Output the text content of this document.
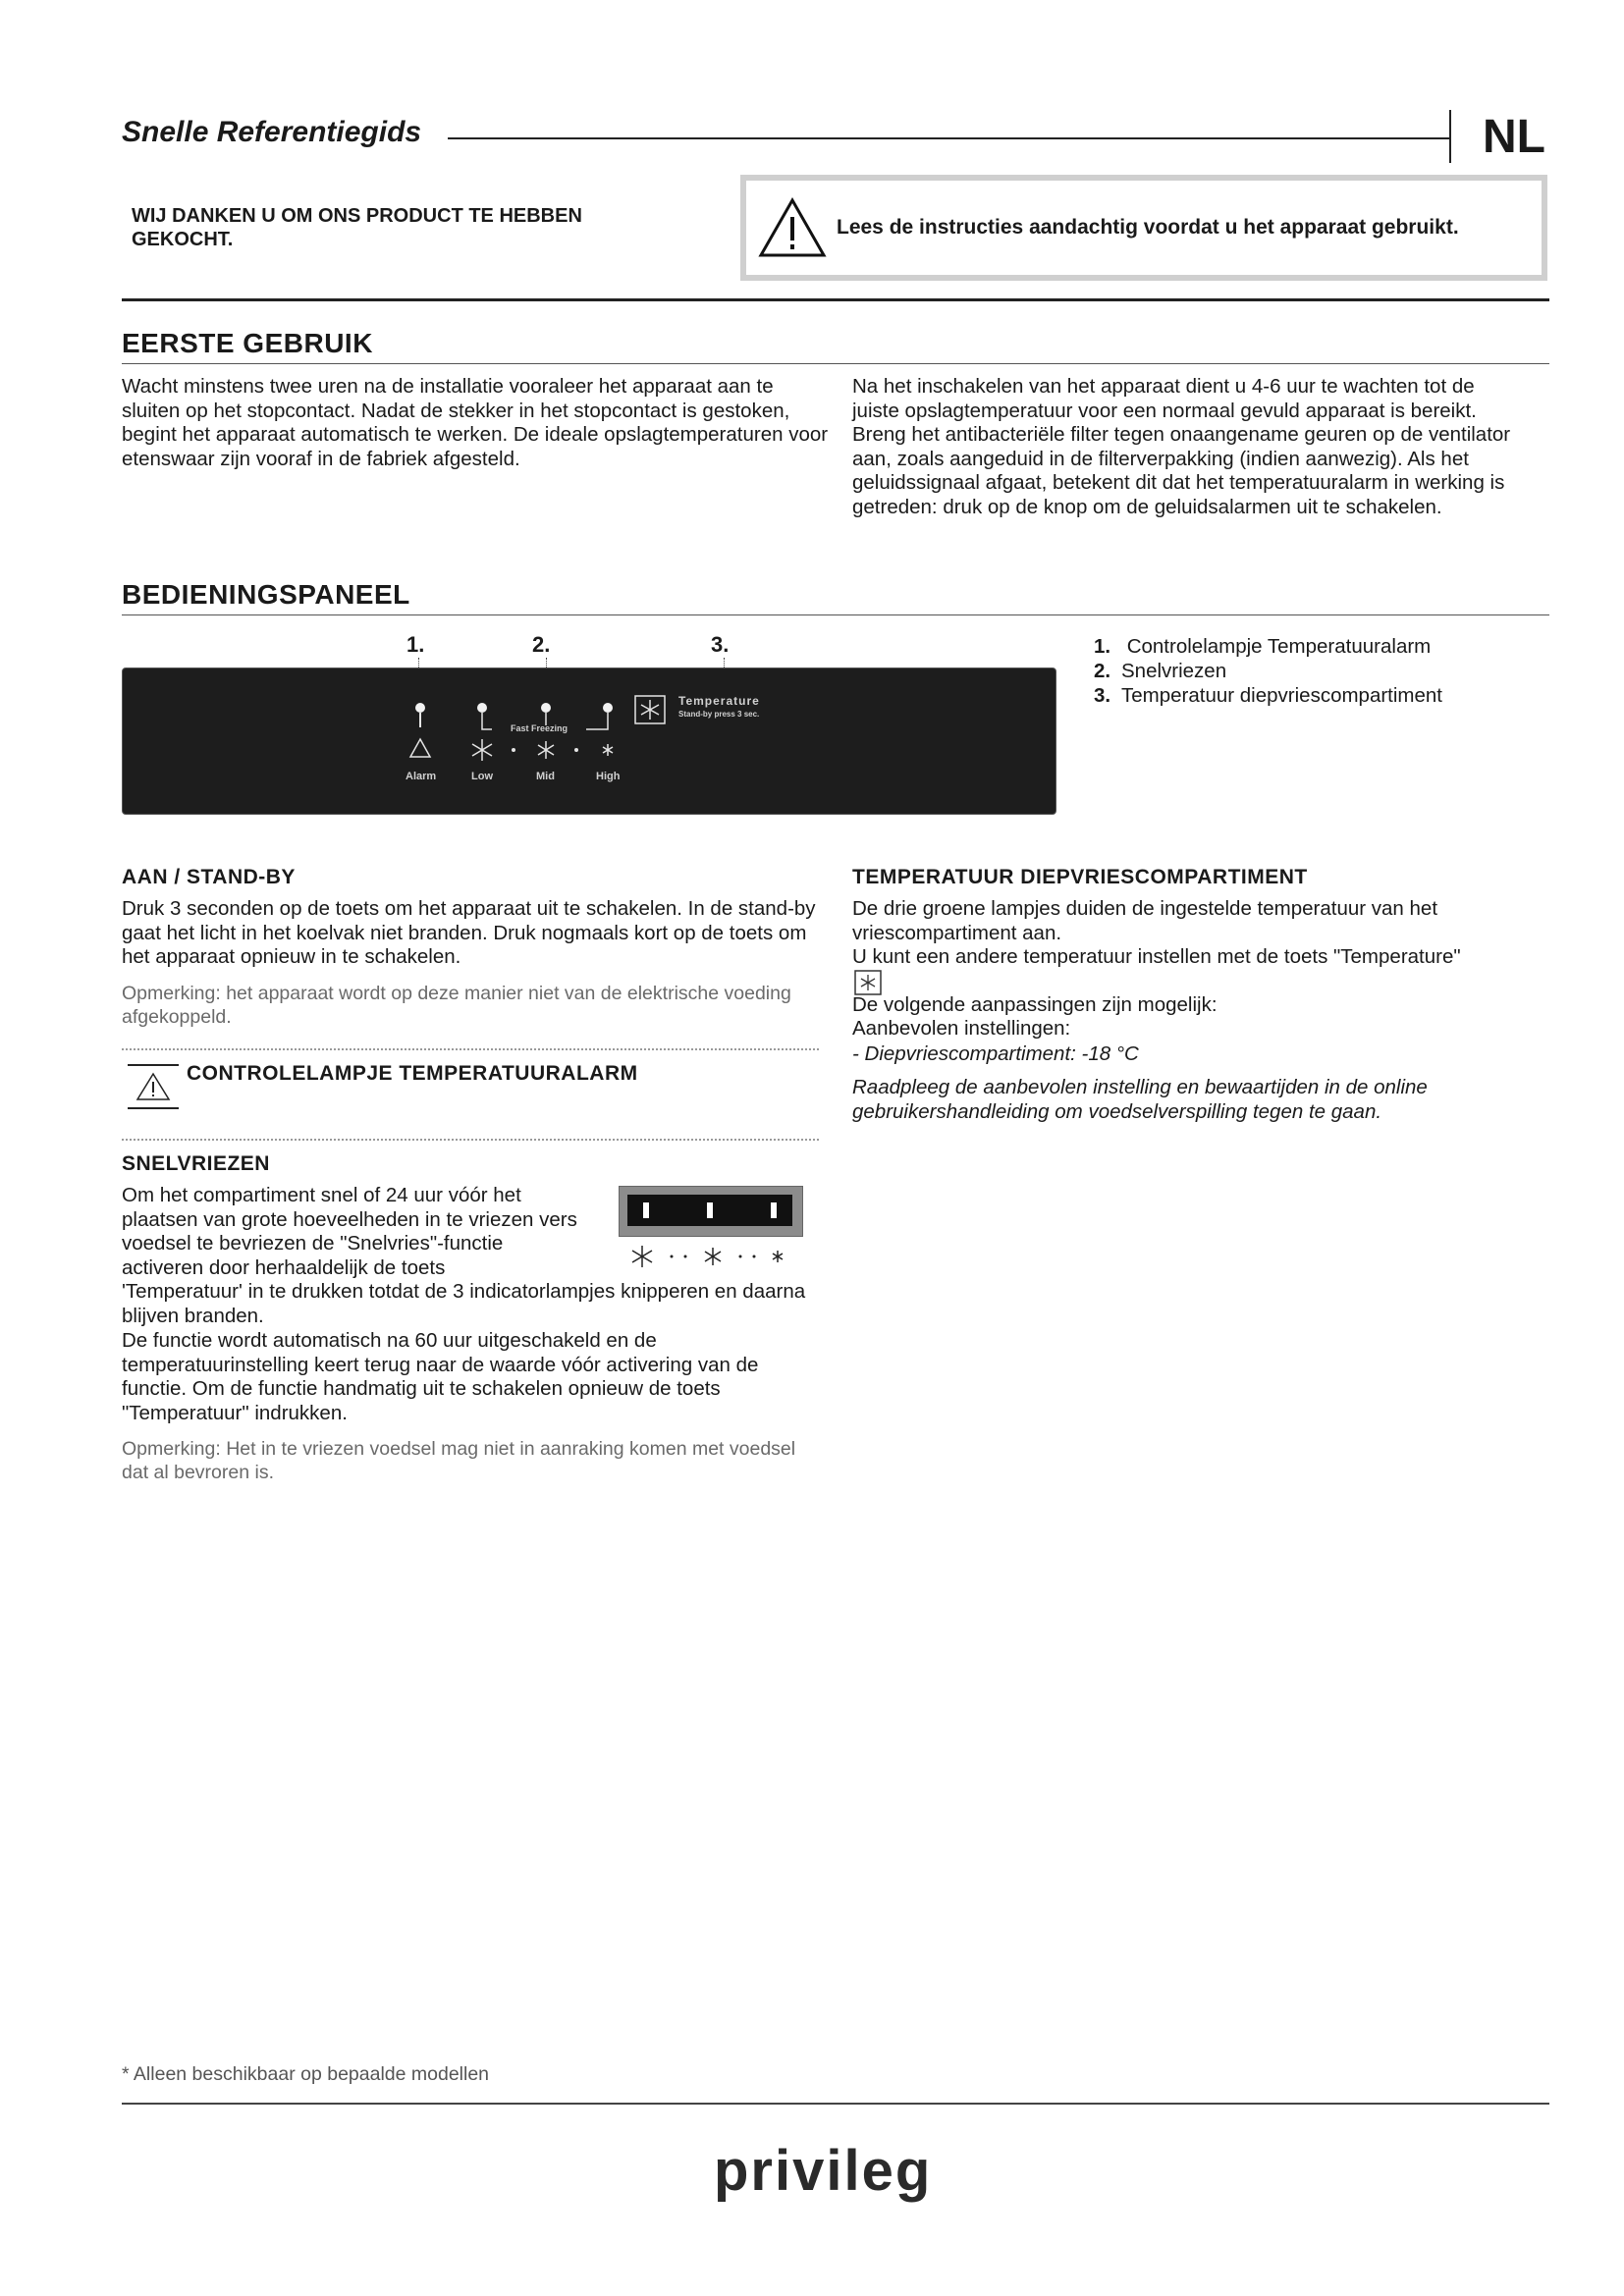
Snelle Referentiegids	NL
WIJ DANKEN U OM ONS PRODUCT TE HEBBEN GEKOCHT.
Lees de instructies aandachtig voordat u het apparaat gebruikt.
EERSTE GEBRUIK
Wacht minstens twee uren na de installatie vooraleer het apparaat aan te sluiten op het stopcontact. Nadat de stekker in het stopcontact is gestoken, begint het apparaat automatisch te werken. De ideale opslagtemperaturen voor etenswaar zijn vooraf in de fabriek afgesteld.
Na het inschakelen van het apparaat dient u 4-6 uur te wachten tot de juiste opslagtemperatuur voor een normaal gevuld apparaat is bereikt. Breng het antibacteriële filter tegen onaangename geuren op de ventilator aan, zoals aangeduid in de filterverpakking (indien aanwezig). Als het geluidssignaal afgaat, betekent dit dat het temperatuuralarm in werking is getreden: druk op de knop om de geluidsalarmen uit te schakelen.
BEDIENINGSPANEEL
1.	2.	3.
Fast Freezing
Temperature
Stand-by press 3 sec.
Alarm	Low	Mid	High
1. Controlelampje Temperatuuralarm
2. Snelvriezen
3. Temperatuur diepvriescompartiment
AAN / STAND-BY
Druk 3 seconden op de toets om het apparaat uit te schakelen. In de stand-by gaat het licht in het koelvak niet branden. Druk nogmaals kort op de toets om het apparaat opnieuw in te schakelen.
Opmerking: het apparaat wordt op deze manier niet van de elektrische voeding afgekoppeld.
CONTROLELAMPJE TEMPERATUURALARM
SNELVRIEZEN
Om het compartiment snel of 24 uur vóór het plaatsen van grote hoeveelheden in te vriezen vers voedsel te bevriezen de "Snelvries"-functie activeren door herhaaldelijk de toets
'Temperatuur' in te drukken totdat de 3 indicatorlampjes knipperen en daarna blijven branden.
De functie wordt automatisch na 60 uur uitgeschakeld en de temperatuurinstelling keert terug naar de waarde vóór activering van de functie. Om de functie handmatig uit te schakelen opnieuw de toets "Temperatuur" indrukken.
Opmerking: Het in te vriezen voedsel mag niet in aanraking komen met voedsel dat al bevroren is.
TEMPERATUUR DIEPVRIESCOMPARTIMENT
De drie groene lampjes duiden de ingestelde temperatuur van het vriescompartiment aan.
U kunt een andere temperatuur instellen met de toets "Temperature"
De volgende aanpassingen zijn mogelijk:
Aanbevolen instellingen:
- Diepvriescompartiment: -18 °C
Raadpleeg de aanbevolen instelling en bewaartijden in de online gebruikershandleiding om voedselverspilling tegen te gaan.
* Alleen beschikbaar op bepaalde modellen
privileg
